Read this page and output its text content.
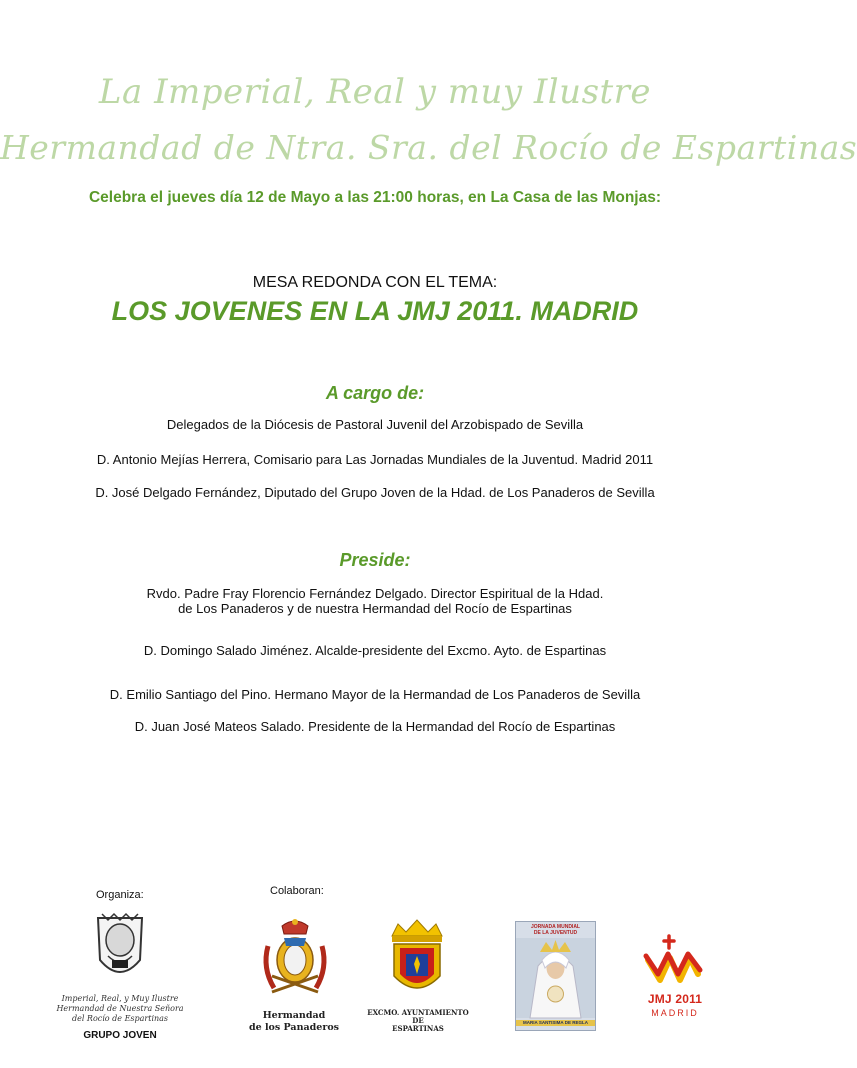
La Imperial, Real y muy Ilustre
Hermandad de Ntra. Sra. del Rocío de Espartinas
Celebra el jueves día 12 de Mayo a las 21:00 horas, en La Casa de las Monjas:
MESA REDONDA CON EL TEMA:
LOS JOVENES EN LA JMJ 2011. MADRID
A cargo de:
Delegados de la Diócesis de Pastoral Juvenil del Arzobispado de Sevilla
D. Antonio Mejías Herrera, Comisario para Las Jornadas Mundiales de la Juventud. Madrid 2011
D. José Delgado Fernández, Diputado del Grupo Joven de la Hdad. de Los Panaderos de Sevilla
Preside:
Rvdo. Padre Fray Florencio Fernández Delgado. Director Espiritual de la Hdad.
de Los Panaderos y de nuestra Hermandad del Rocío de Espartinas
D. Domingo Salado Jiménez. Alcalde-presidente del Excmo. Ayto. de Espartinas
D. Emilio Santiago del Pino. Hermano Mayor de la Hermandad de Los Panaderos de Sevilla
D. Juan José Mateos Salado. Presidente de la Hermandad del Rocío de Espartinas
Organiza:	Colaboran:
Imperial, Real, y Muy Ilustre
Hermandad de Nuestra Señora
del Rocío de Espartinas
GRUPO JOVEN
Hermandad
de los Panaderos
EXCMO. AYUNTAMIENTO
DE
ESPARTINAS
JORNADA MUNDIAL
DE LA JUVENTUD
MARIA SANTISIMA DE REGLA
JMJ 2011
MADRID
